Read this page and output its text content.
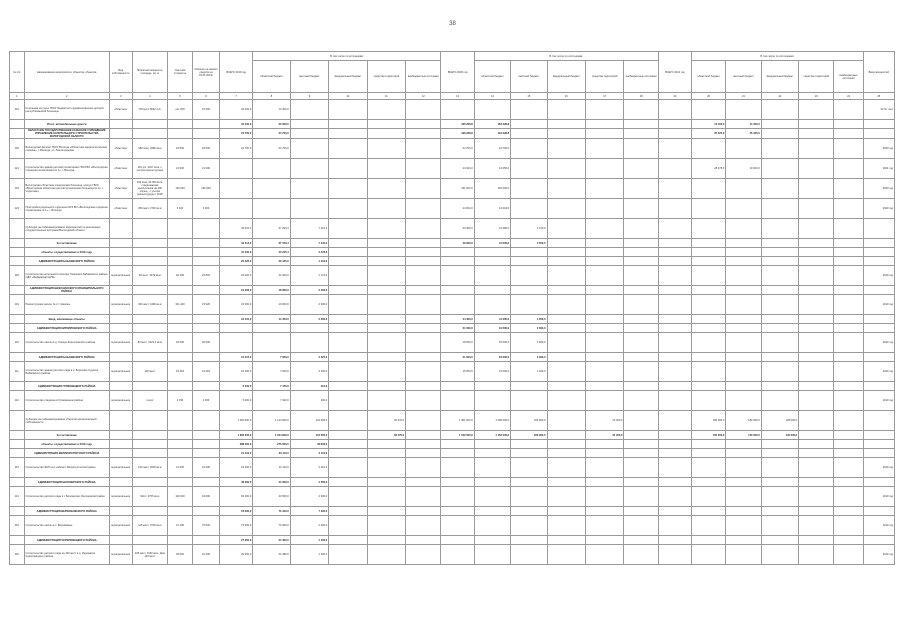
38
№ п/п	Наименование мероприятия, объектов, объектов	Вид собственности	Проектная мощность, площадь, км, м	Сметная стоимость	Освоено на начало средств на 01.01.2019г	ВСЕГО 2019 год	В том числе по источникам:					ВСЕГО 2020 год	В том числе по источникам:					ВСЕГО 2021 год	В том числе по источникам:					Ввод мощностей
							областной бюджет	местный бюджет	федеральный бюджет	средства территорий	внебюджетные источники		областной бюджет	местный бюджет	федеральный бюджет	средства территорий	внебюджетные источники		областной бюджет	местный бюджет	федеральный бюджет	средства территорий	внебюджетные источники	
1	2	3	4	5	6	7	8	9	10	11	12	13	14	15	16	17	18	19	20	21	22	23	24	25
119	Котельная на учете ГБОУ бюджетного здравоохранения детской республиканской больницы	областное	УП/групп 5642 куб.	нет 259	15 500	20 000,0	13 400,0																	32 бл. мес
	Итого, автомобильные дороги					34 400,0	20 000,0					196 228,8	184 228,8						14 400,0	14 400,0				
	ОБЛАСТНОЕ ГОСУДАРСТВЕННОЕ КАЗЕННОЕ УЧРЕЖДЕНИЕ УПРАВЛЕНИЕ КАПИТАЛЬНОГО СТРОИТЕЛЬСТВА ВОЛОГОДСКОЙ ОБЛАСТИ					24 700,0	24 700,0					196 228,8	194 228,8						25 425,0	25 425,0				
120	Вологодский филиал ГБОУ Вологда «Областная кардиологическая клиника», г. Вологда, ул. Ленинградская	областное	180 коек, 2380 кв.м	18 500	18 500	24 700,0	24 700,0					24 700,0	24 700,0											2020 год
121	Строительство здания детской поликлиники ГБУЗ ВО «Вологодская городская поликлиника № 4», г. Вологда	областное	110 р/с, 4427 кв.м, с учетом реконструкции	21 000	21 000							24 344,0	14 050,0						28 478,0	10 000,0				2021 год
122	Вологодская областная клиническая больница, корпус ГБУЗ «Вологодская областная детская клиническая больница № 2», г. Череповец	областное	400 коек, 22 000 кв.м, стационарная поликлиника на 400 посещ., с учетом реконструкции / 2018	130 000	166 000							191 000,0	181 000,0											2020 год
123	Пристройка родильного отделения БУЗ ВО «Вологодская городская поликлиника № 1», г. Вологда	областное	350 мест, 3740 кв.м	3 400	3 400							24 004,0	14 004,0											2020 год
	Субсидии на софинансирование мероприятий по реализации государственных программ Вологодской области					45 016,2	37 290,4	7 416,4				40 400,0	31 480,0	3 470,0										
	За составление					44 414,0	37 373,4	7 440,0				49 000,0	41 000,0	4 550,0										
	объекты, осуществляемые в 2019 году					41 400,0	40 245,4	2 478,0																
	АДМИНИСТРАЦИЯ БАБАЕВСКОГО РАЙОНА					23 425,0	20 445,0	1 434,0																
118	Строительство котельной в поселке Тимошино Бабаевского района ОДО «Бабаевская ЦРБ»	муниципальное	40 мест, 1279 кв.м	40 436	23 802	24 020,0	24 400,0	1 174,0																2019 год
	АДМИНИСТРАЦИЯ ШЕКСНИНСКОГО МУНИЦИПАЛЬНОГО РАЙОНА					24 406,0	18 000,0	2 400,0																
119	Реконструкция школы № 2 г. Шексны	муниципальное	321 мест, 4490 кв.м	321 440	23 920	23 000,0	10 000,0	2 000,0																2019 год
	Ввод, начинаемые объекты					24 410,0	14 450,0	2 460,0				44 400,0	41 000,0	4 050,0										
	АДМИНИСТРАЦИЯ КИРИЛЛОВСКОГО РАЙОНА											21 000,0	19 500,0	2 000,0										
110	Строительство школы в д. Горицы Кирилловского района	муниципальное	80 мест, 3122,4 кв.м	18 000	40 000							18 000,0	18 000,0	3 000,0										2020 год
	АДМИНИСТРАЦИЯ БАБАЕВСКОГО РАЙОНА					10 415,0	7 000,0	3 425,0				21 000,0	18 000,0	3 000,0										
111	Строительство здания детского сада в п. Борисово-Судское Бабаевского района	муниципальное	120 мест	19 418	19 418	10 400,0	7 000,0	3 400,0				15 000,0	14 000,0	1 400,0										2020 год
	АДМИНИСТРАЦИЯ ГРЯЗОВЕЦКОГО РАЙОНА					5 400,0	7 470,0	410,0																
112	Строительство стадиона в Грязовецком районе	муниципальное	1 корт	2 036	2 036	5 000,0	7 420,0	400,0																2019 год
	Субсидии на софинансирование объектов муниципальной собственности					1 260 000,0	1 144 000,0	124 000,0		36 470,0		1 361 000,0	1 496 000,0	226 000,0		22 400,0			182 000,0	182 000,0	138 000,0			
	За составление					1 380 000,0	1 234 900,0	124 000,0		36 470,0		1 542 000,0	1 452 000,0	226 000,0		34 400,0			150 000,0	140 000,0	140 000,0			
	объекты, осуществляемые в 2019 году					388 000,0	275 000,0	32 000,0																
	АДМИНИСТРАЦИЯ ВЕЛИКОУСТЮГСКОГО РАЙОНА					21 416,0	20 110,0	2 110,0																
113	Строительство ФАП на 1 кабинет, Великоустюгский район	муниципальное	150 мест, 4000 кв.м	21 000	31 000	22 430,0	21 110,0	2 010,0																2019 год
	АДМИНИСТРАЦИЯ БЕЛОЗЕРСКОГО РАЙОНА					49 000,0	44 300,0	4 500,0																
114	Строительство детского сада в г. Белозерске, Белозерский район	муниципальное	Мост, 4705 кв.м	120 000	94 000	84 000,0	43 500,0	4 000,0																2019 год
	АДМИНИСТРАЦИЯ ВЕРХОВАЖСКОГО РАЙОНА					78 000,0	73 440,0	7 300,0																
115	Строительство школы в с. Верховажье	муниципальное	115 мест, 3720 кв.м	41 190	70 000	73 000,0	73 000,0	2 000,0																2019 год
	АДМИНИСТРАЦИЯ ЧЕРЕПОВЕЦКОГО РАЙОНА					27 000,0	24 450,0	1 400,0																
116	Строительство детского сада на 160 мест в д. Ирдоматка Череповецкого района	муниципальное	165 мест, 3340 кв.м, Дом 140 мест	36 000	22 200	25 000,0	24 480,0	1 400,0																2019 год
